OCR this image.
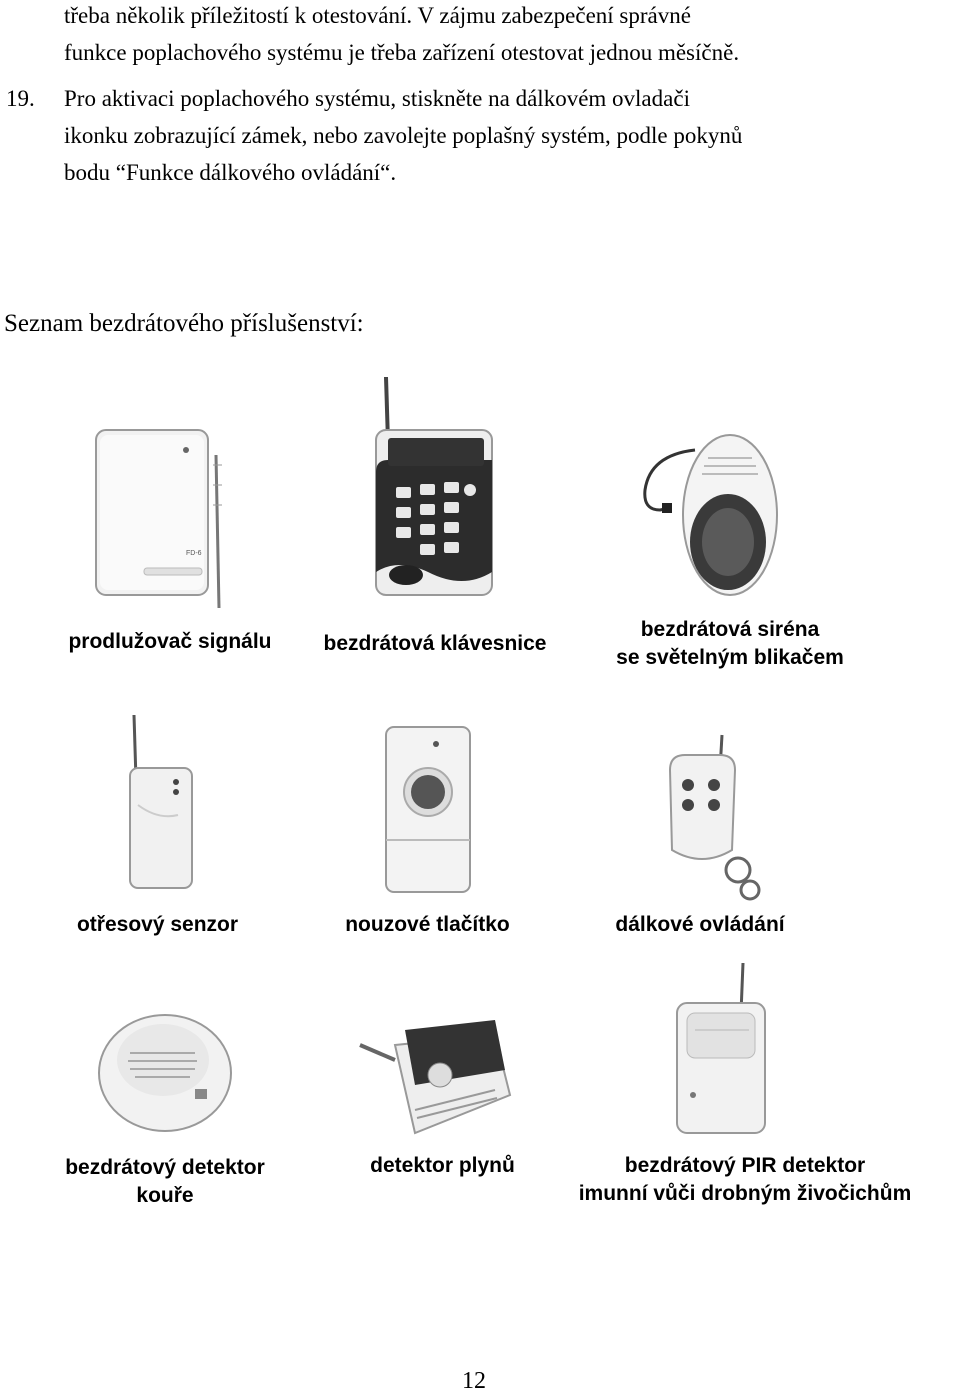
třeba několik příležitostí k otestování. V zájmu zabezpečení správné
funkce poplachového systému je třeba zařízení otestovat jednou měsíčně.
19. Pro aktivaci poplachového systému, stiskněte na dálkovém ovladači
ikonku zobrazující zámek, nebo zavolejte poplašný systém, podle pokynů
bodu “Funkce dálkového ovládání“.
Seznam bezdrátového příslušenství:
FD-6
prodlužovač signálu	bezdrátová klávesnice
bezdrátová siréna
se světelným blikačem
otřesový senzor	nouzové tlačítko	dálkové ovládání
bezdrátový detektor
kouře
detektor plynů	bezdrátový PIR detektor
imunní vůči drobným živočichům
12
